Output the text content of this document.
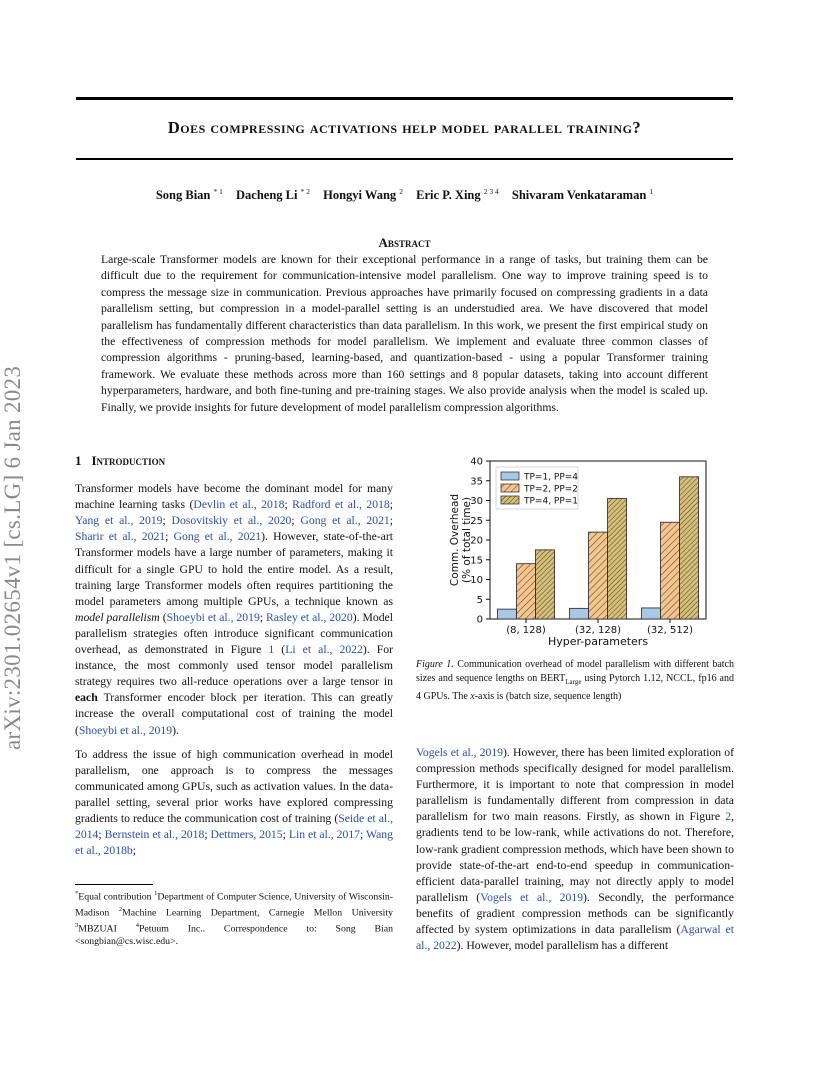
Does compressing activations help model parallel training?
Song Bian $^{* 1}$ Dacheng Li $^{* 2}$ Hongyi Wang $^2$ Eric P. Xing $^{2 3 4}$ Shivaram Venkataraman $^1$
Abstract

Large-scale Transformer models are known for their exceptional performance in a range of tasks, but training them can be difficult due to the requirement for communication-intensive model parallelism. One way to improve training speed is to compress the message size in communication. Previous approaches have primarily focused on compressing gradients in a data parallelism setting, but compression in a model-parallel setting is an understudied area. We have discovered that model parallelism has fundamentally different characteristics than data parallelism. In this work, we present the first empirical study on the effectiveness of compression methods for model parallelism. We implement and evaluate three common classes of compression algorithms - pruning-based, learning-based, and quantization-based - using a popular Transformer training framework. We evaluate these methods across more than 160 settings and 8 popular datasets, taking into account different hyperparameters, hardware, and both fine-tuning and pre-training stages. We also provide analysis when the model is scaled up. Finally, we provide insights for future development of model parallelism compression algorithms.

arXiv:2301.02654v1 [cs.LG] 6 Jan 2023	1 Introduction

Transformer models have become the dominant model for many machine learning tasks (Devlin et al., 2018; Radford et al., 2018; Yang et al., 2019; Dosovitskiy et al., 2020; Gong et al., 2021; Sharir et al., 2021; Gong et al., 2021). However, state-of-the-art Transformer models have a large number of parameters, making it difficult for a single GPU to hold the entire model. As a result, training large Transformer models often requires partitioning the model parameters among multiple GPUs, a technique known as model parallelism (Shoeybi et al., 2019; Rasley et al., 2020). Model parallelism strategies often introduce significant communication overhead, as demonstrated in Figure 1 (Li et al., 2022). For instance, the most commonly used tensor model parallelism strategy requires two all-reduce operations over a large tensor in each Transformer encoder block per iteration. This can greatly increase the overall computational cost of training the model (Shoeybi et al., 2019).

To address the issue of high communication overhead in model parallelism, one approach is to compress the messages communicated among GPUs, such as activation values. In the data-parallel setting, several prior works have explored compressing gradients to reduce the communication cost of training (Seide et al., 2014; Bernstein et al., 2018; Dettmers, 2015; Lin et al., 2017; Wang et al., 2018b;

*Equal contribution $^1$Department of Computer Science, University of Wisconsin-Madison $^2$Machine Learning Department, Carnegie Mellon University $^3$MBZUAI $^4$Petuum Inc.. Correspondence to: Song Bian <songbian@cs.wisc.edu>.

0
5
10
15
20
25
30
35
40
(8, 128)	(32, 128)	(32, 512)
TP=1, PP=4
TP=2, PP=2
TP=4, PP=1
Hyper-parameters
Comm. Overhead (% of total time)

Figure 1. Communication overhead of model parallelism with different batch sizes and sequence lengths on $BERT_{Large}$ using Pytorch 1.12, NCCL, fp16 and 4 GPUs. The x-axis is (batch size, sequence length)

Vogels et al., 2019). However, there has been limited exploration of compression methods specifically designed for model parallelism. Furthermore, it is important to note that compression in model parallelism is fundamentally different from compression in data parallelism for two main reasons. Firstly, as shown in Figure 2, gradients tend to be low-rank, while activations do not. Therefore, low-rank gradient compression methods, which have been shown to provide state-of-the-art end-to-end speedup in communication-efficient data-parallel training, may not directly apply to model parallelism (Vogels et al., 2019). Secondly, the performance benefits of gradient compression methods can be significantly affected by system optimizations in data parallelism (Agarwal et al., 2022). However, model parallelism has a different
